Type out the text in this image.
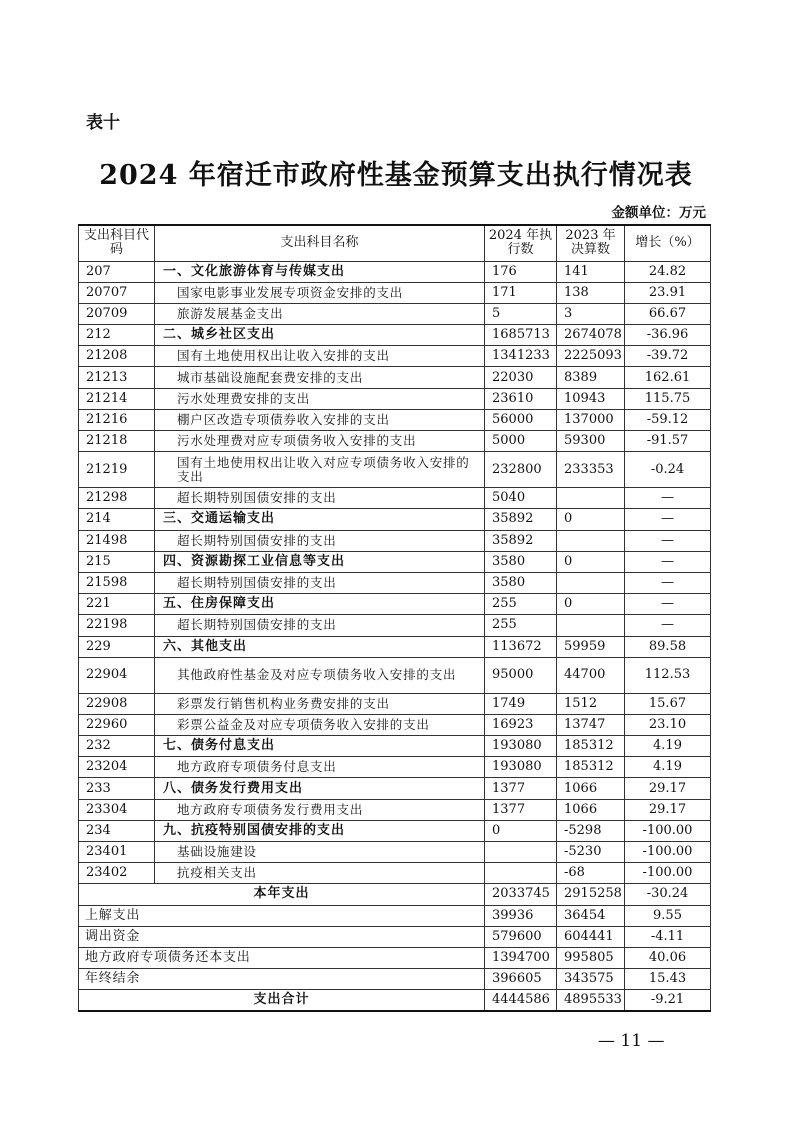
表十
2024 年宿迁市政府性基金预算支出执行情况表
金额单位：万元
支出科目代码	支出科目名称	2024 年执行数	2023 年决算数	增长（%）
207	一、文化旅游体育与传媒支出	176	141	24.82
20707	国家电影事业发展专项资金安排的支出	171	138	23.91
20709	旅游发展基金支出	5	3	66.67
212	二、城乡社区支出	1685713	2674078	-36.96
21208	国有土地使用权出让收入安排的支出	1341233	2225093	-39.72
21213	城市基础设施配套费安排的支出	22030	8389	162.61
21214	污水处理费安排的支出	23610	10943	115.75
21216	棚户区改造专项债券收入安排的支出	56000	137000	-59.12
21218	污水处理费对应专项债务收入安排的支出	5000	59300	-91.57
21219	国有土地使用权出让收入对应专项债务收入安排的支出	232800	233353	-0.24
21298	超长期特别国债安排的支出	5040		—
214	三、交通运输支出	35892	0	—
21498	超长期特别国债安排的支出	35892		—
215	四、资源勘探工业信息等支出	3580	0	—
21598	超长期特别国债安排的支出	3580		—
221	五、住房保障支出	255	0	—
22198	超长期特别国债安排的支出	255		—
229	六、其他支出	113672	59959	89.58
22904	其他政府性基金及对应专项债务收入安排的支出	95000	44700	112.53
22908	彩票发行销售机构业务费安排的支出	1749	1512	15.67
22960	彩票公益金及对应专项债务收入安排的支出	16923	13747	23.10
232	七、债务付息支出	193080	185312	4.19
23204	地方政府专项债务付息支出	193080	185312	4.19
233	八、债务发行费用支出	1377	1066	29.17
23304	地方政府专项债务发行费用支出	1377	1066	29.17
234	九、抗疫特别国债安排的支出	0	-5298	-100.00
23401	基础设施建设		-5230	-100.00
23402	抗疫相关支出		-68	-100.00
本年支出		2033745	2915258	-30.24
上解支出		39936	36454	9.55
调出资金		579600	604441	-4.11
地方政府专项债务还本支出		1394700	995805	40.06
年终结余		396605	343575	15.43
支出合计		4444586	4895533	-9.21
— 11 —
